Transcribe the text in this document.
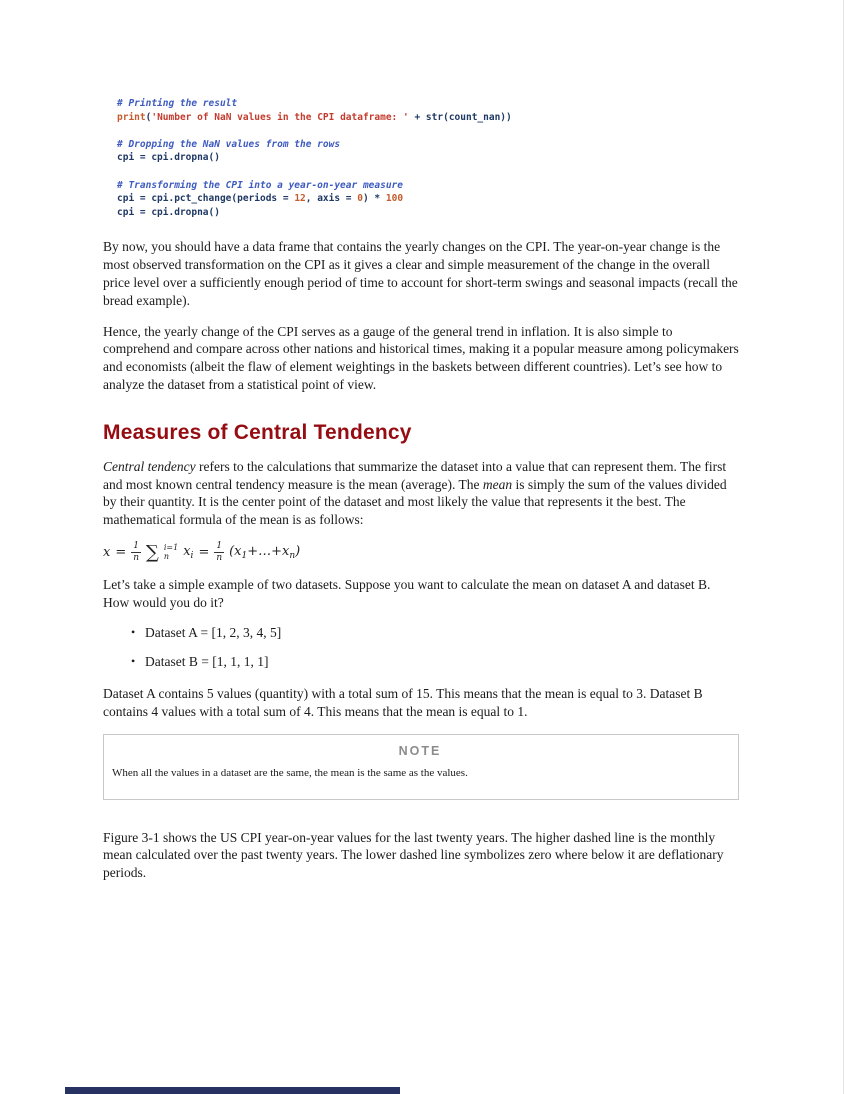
# Printing the result
print('Number of NaN values in the CPI dataframe: ' + str(count_nan))

# Dropping the NaN values from the rows
cpi = cpi.dropna()

# Transforming the CPI into a year-on-year measure
cpi = cpi.pct_change(periods = 12, axis = 0) * 100
cpi = cpi.dropna()

By now, you should have a data frame that contains the yearly changes on the CPI. The year-on-year change is the most observed transformation on the CPI as it gives a clear and simple measurement of the change in the overall price level over a sufficiently enough period of time to account for short-term swings and seasonal impacts (recall the bread example).

Hence, the yearly change of the CPI serves as a gauge of the general trend in inflation. It is also simple to comprehend and compare across other nations and historical times, making it a popular measure among policymakers and economists (albeit the flaw of element weightings in the baskets between different countries). Let’s see how to analyze the dataset from a statistical point of view.

Measures of Central Tendency

Central tendency refers to the calculations that summarize the dataset into a value that can represent them. The first and most known central tendency measure is the mean (average). The mean is simply the sum of the values divided by their quantity. It is the center point of the dataset and most likely the value that represents it the best. The mathematical formula of the mean is as follows:

$x = \frac{1}{n}$ ∑ i=1
n	$x_i = \frac{1}{n}$ $(x_1+\dots+x_n)$

Let’s take a simple example of two datasets. Suppose you want to calculate the mean on dataset A and dataset B. How would you do it?

• Dataset A = [1, 2, 3, 4, 5]
• Dataset B = [1, 1, 1, 1]

Dataset A contains 5 values (quantity) with a total sum of 15. This means that the mean is equal to 3. Dataset B contains 4 values with a total sum of 4. This means that the mean is equal to 1.

NOTE
When all the values in a dataset are the same, the mean is the same as the values.

Figure 3-1 shows the US CPI year-on-year values for the last twenty years. The higher dashed line is the monthly mean calculated over the past twenty years. The lower dashed line symbolizes zero where below it are deflationary periods.
